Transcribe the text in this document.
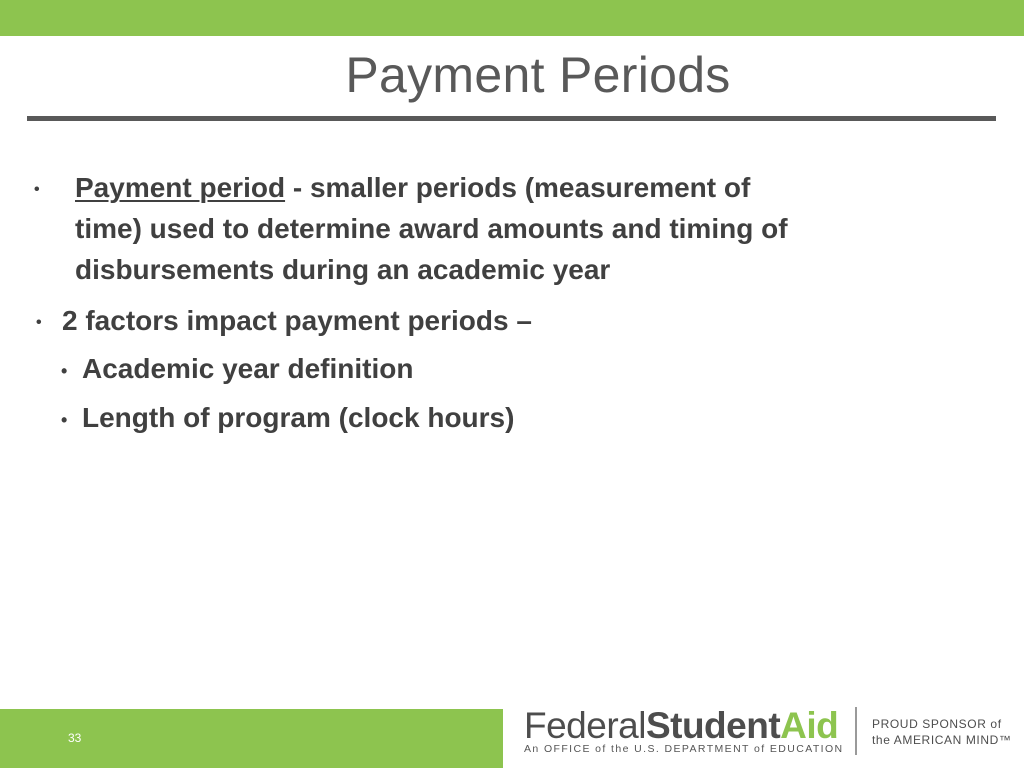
Payment Periods
• Payment period - smaller periods (measurement of
time) used to determine award amounts and timing of
disbursements during an academic year
• 2 factors impact payment periods –
• Academic year definition
• Length of program (clock hours)
33	FederalStudentAid
An OFFICE of the U.S. DEPARTMENT of EDUCATION
PROUD SPONSOR of
the AMERICAN MIND™
